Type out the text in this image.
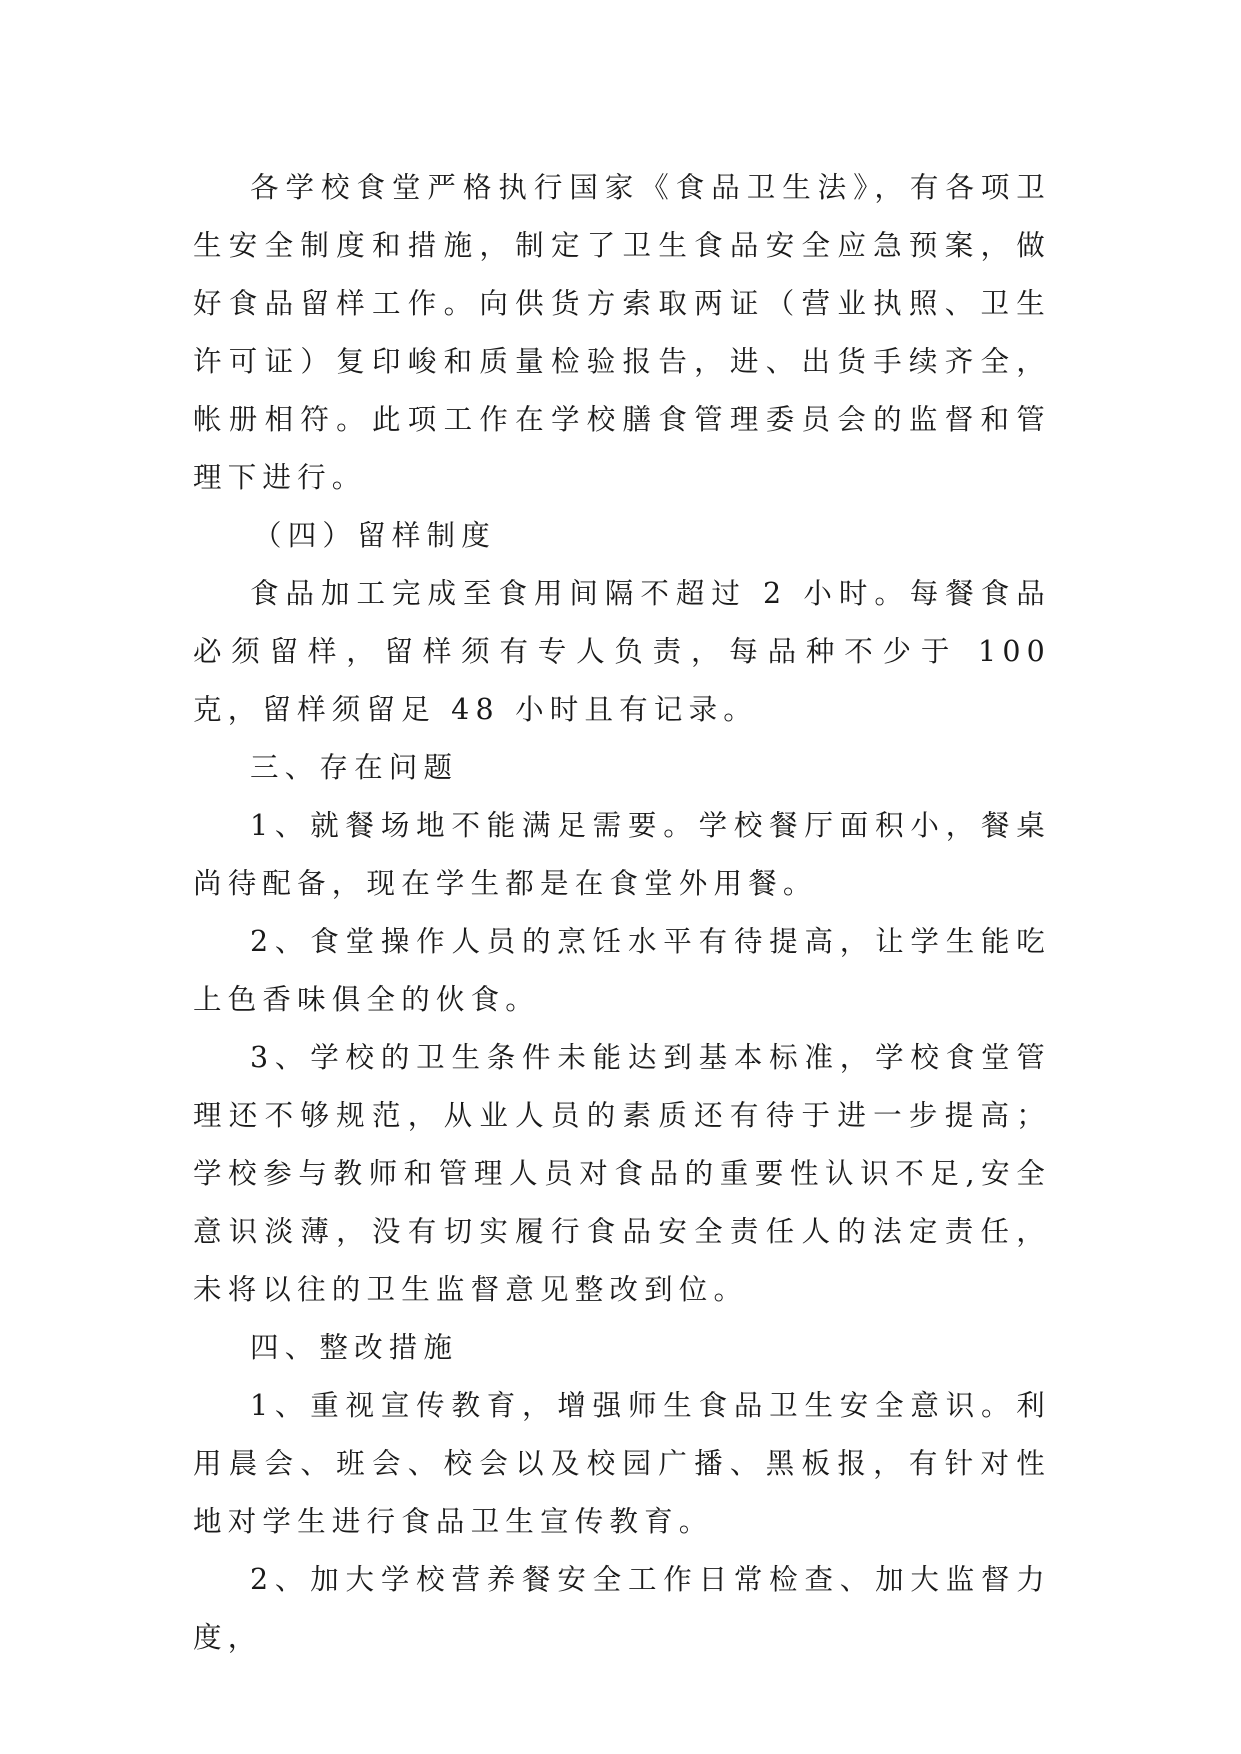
各学校食堂严格执行国家《食品卫生法》，有各项卫生安全制度和措施，制定了卫生食品安全应急预案，做好食品留样工作。向供货方索取两证（营业执照、卫生许可证）复印峻和质量检验报告，进、出货手续齐全，帐册相符。此项工作在学校膳食管理委员会的监督和管理下进行。

（四）留样制度

食品加工完成至食用间隔不超过 2 小时。每餐食品必须留样，留样须有专人负责，每品种不少于 100 克，留样须留足 48 小时且有记录。

三、存在问题

1、就餐场地不能满足需要。学校餐厅面积小，餐桌尚待配备，现在学生都是在食堂外用餐。

2、食堂操作人员的烹饪水平有待提高，让学生能吃上色香味俱全的伙食。

3、学校的卫生条件未能达到基本标准，学校食堂管理还不够规范，从业人员的素质还有待于进一步提高；学校参与教师和管理人员对食品的重要性认识不足,安全意识淡薄，没有切实履行食品安全责任人的法定责任，未将以往的卫生监督意见整改到位。

四、整改措施

1、重视宣传教育，增强师生食品卫生安全意识。利用晨会、班会、校会以及校园广播、黑板报，有针对性地对学生进行食品卫生宣传教育。

2、加大学校营养餐安全工作日常检查、加大监督力度，
